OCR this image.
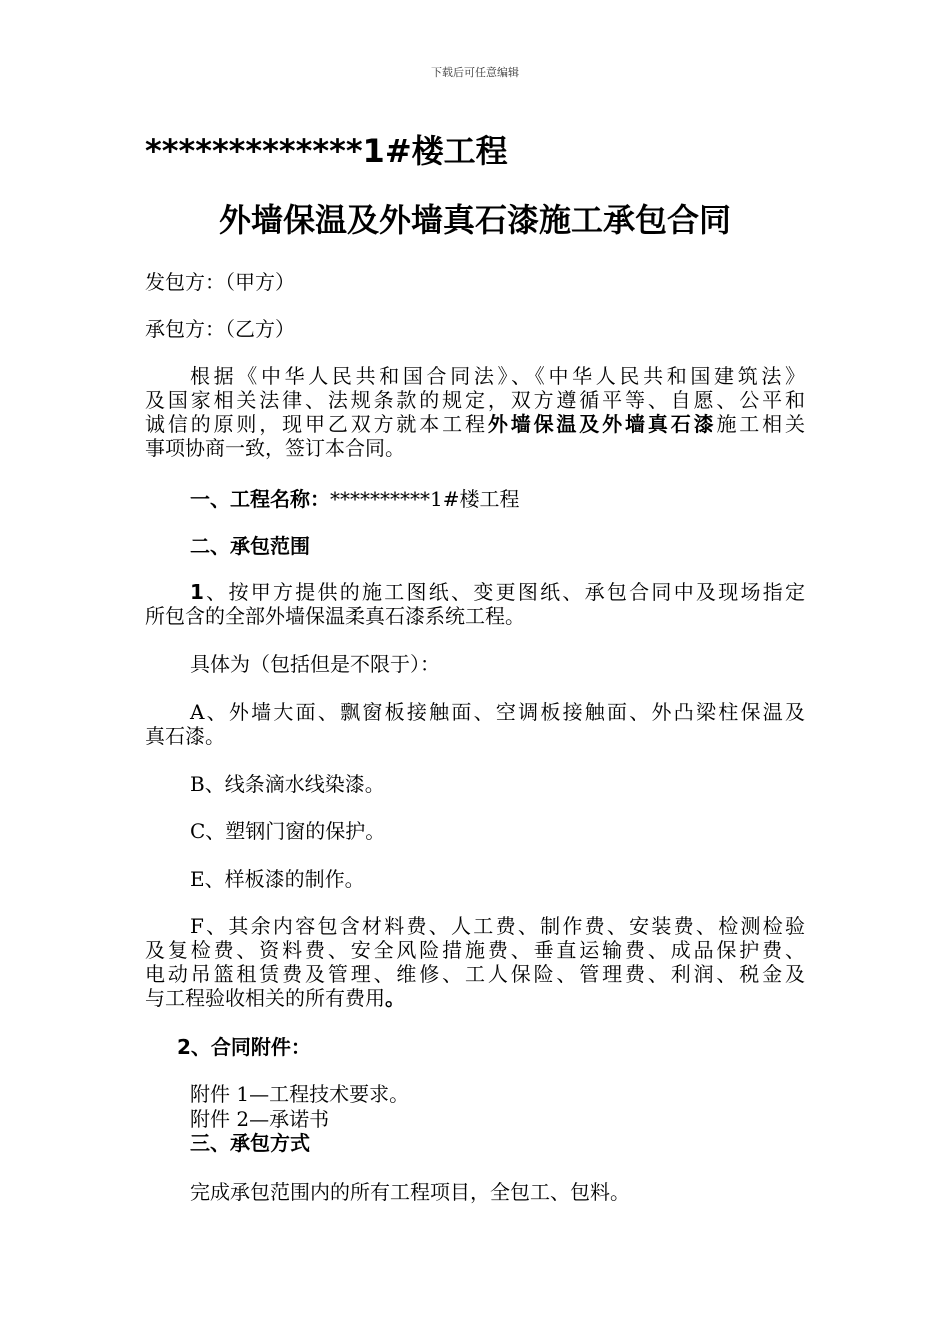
下载后可任意编辑
*************1#楼工程
外墙保温及外墙真石漆施工承包合同
发包方：（甲方）
承包方：（乙方）
根据《中华人民共和国合同法》、《中华人民共和国建筑法》
及国家相关法律、法规条款的规定，双方遵循平等、自愿、公平和
诚信的原则，现甲乙双方就本工程外墙保温及外墙真石漆施工相关
事项协商一致，签订本合同。
一、工程名称：**********1#楼工程
二、承包范围
1、按甲方提供的施工图纸、变更图纸、承包合同中及现场指定
所包含的全部外墙保温柔真石漆系统工程。
具体为（包括但是不限于）：
A、外墙大面、飘窗板接触面、空调板接触面、外凸梁柱保温及
真石漆。
B、线条滴水线染漆。
C、塑钢门窗的保护。
E、样板漆的制作。
F、其余内容包含材料费、人工费、制作费、安装费、检测检验
及复检费、资料费、安全风险措施费、垂直运输费、成品保护费、
电动吊篮租赁费及管理、维修、工人保险、管理费、利润、税金及
与工程验收相关的所有费用。
2、合同附件：
附件 1—工程技术要求。
附件 2—承诺书
三、承包方式
完成承包范围内的所有工程项目，全包工、包料。
